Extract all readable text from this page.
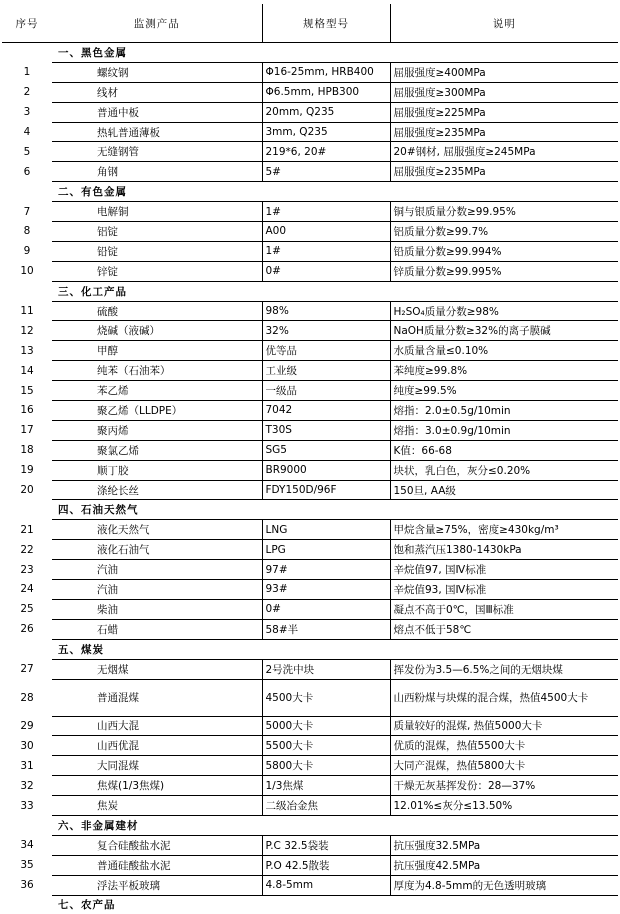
序号	监测产品	规格型号	说明
	一、黑色金属		
1	螺纹钢	Φ16-25mm, HRB400	屈服强度≥400MPa
2	线材	Φ6.5mm, HPB300	屈服强度≥300MPa
3	普通中板	20mm, Q235	屈服强度≥225MPa
4	热轧普通薄板	3mm, Q235	屈服强度≥235MPa
5	无缝钢管	219*6, 20#	20#钢材, 屈服强度≥245MPa
6	角钢	5#	屈服强度≥235MPa
	二、有色金属		
7	电解铜	1#	铜与银质量分数≥99.95%
8	铝锭	A00	铝质量分数≥99.7%
9	铅锭	1#	铅质量分数≥99.994%
10	锌锭	0#	锌质量分数≥99.995%
	三、化工产品		
11	硫酸	98%	H₂SO₄质量分数≥98%
12	烧碱（液碱）	32%	NaOH质量分数≥32%的离子膜碱
13	甲醇	优等品	水质量含量≤0.10%
14	纯苯（石油苯）	工业级	苯纯度≥99.8%
15	苯乙烯	一级品	纯度≥99.5%
16	聚乙烯（LLDPE）	7042	熔指：2.0±0.5g/10min
17	聚丙烯	T30S	熔指：3.0±0.9g/10min
18	聚氯乙烯	SG5	K值：66-68
19	顺丁胶	BR9000	块状，乳白色，灰分≤0.20%
20	涤纶长丝	FDY150D/96F	150旦, AA级
	四、石油天然气		
21	液化天然气	LNG	甲烷含量≥75%，密度≥430kg/m³
22	液化石油气	LPG	饱和蒸汽压1380-1430kPa
23	汽油	97#	辛烷值97, 国Ⅳ标准
24	汽油	93#	辛烷值93, 国Ⅳ标准
25	柴油	0#	凝点不高于0℃，国Ⅲ标准
26	石蜡	58#半	熔点不低于58℃
	五、煤炭		
27	无烟煤	2号洗中块	挥发份为3.5—6.5%之间的无烟块煤
28	普通混煤	4500大卡	山西粉煤与块煤的混合煤，热值4500大卡
29	山西大混	5000大卡	质量较好的混煤, 热值5000大卡
30	山西优混	5500大卡	优质的混煤，热值5500大卡
31	大同混煤	5800大卡	大同产混煤，热值5800大卡
32	焦煤(1/3焦煤)	1/3焦煤	干燥无灰基挥发份：28—37%
33	焦炭	二级冶金焦	12.01%≤灰分≤13.50%
	六、非金属建材		
34	复合硅酸盐水泥	P.C 32.5袋装	抗压强度32.5MPa
35	普通硅酸盐水泥	P.O 42.5散装	抗压强度42.5MPa
36	浮法平板玻璃	4.8-5mm	厚度为4.8-5mm的无色透明玻璃
	七、农产品		
